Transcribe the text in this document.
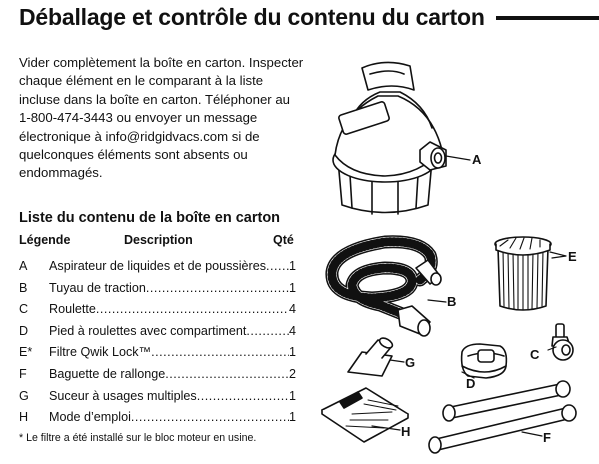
Déballage et contrôle du contenu du carton
Vider complètement la boîte en carton. Inspecter
chaque élément en le comparant à la liste
incluse dans la boîte en carton. Téléphoner au
1-800-474-3443 ou envoyer un message
électronique à info@ridgidvacs.com si de
quelconques éléments sont absents ou
endommagés.
Liste du contenu de la boîte en carton
Légende	Description	Qté
A Aspirateur de liquides et de poussières ..... 1
B Tuyau de traction .....	1
C Roulette .....	4
D Pied à roulettes avec compartiment .....	4
E* Filtre Qwik Lock™ .....	1
F Baguette de rallonge .....	2
G Suceur à usages multiples .....	1
H Mode d’emploi .....	1
* Le filtre a été installé sur le bloc moteur en usine.
A
E
B
C
D
G
H	F
